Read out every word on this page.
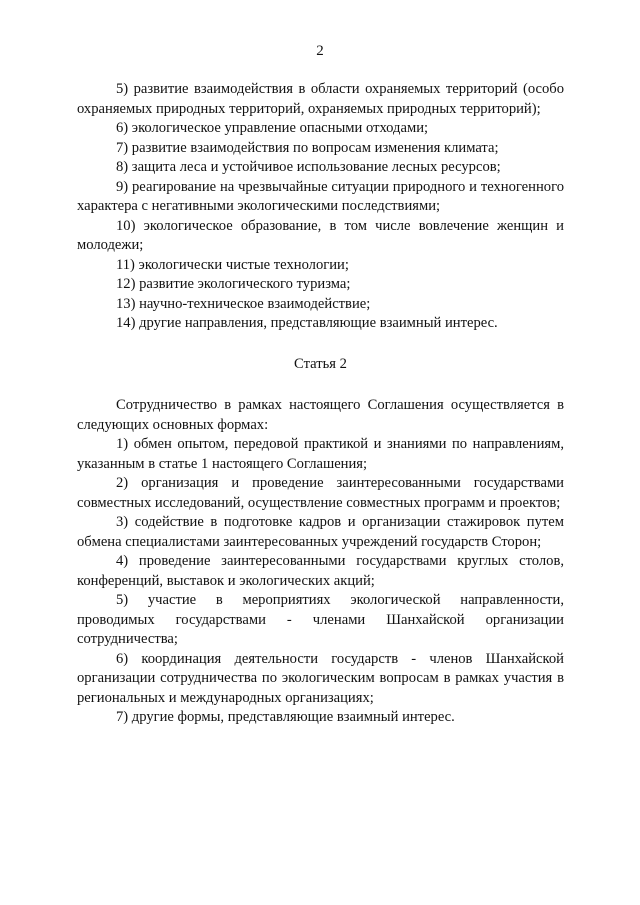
2

5) развитие взаимодействия в области охраняемых территорий (особо охраняемых природных территорий, охраняемых природных территорий);

6) экологическое управление опасными отходами;

7) развитие взаимодействия по вопросам изменения климата;

8) защита леса и устойчивое использование лесных ресурсов;

9) реагирование на чрезвычайные ситуации природного и техногенного характера с негативными экологическими последствиями;

10) экологическое образование, в том числе вовлечение женщин и молодежи;

11) экологически чистые технологии;

12) развитие экологического туризма;

13) научно-техническое взаимодействие;

14) другие направления, представляющие взаимный интерес.

Статья 2

Сотрудничество в рамках настоящего Соглашения осуществляется в следующих основных формах:

1) обмен опытом, передовой практикой и знаниями по направлениям, указанным в статье 1 настоящего Соглашения;

2) организация и проведение заинтересованными государствами совместных исследований, осуществление совместных программ и проектов;

3) содействие в подготовке кадров и организации стажировок путем обмена специалистами заинтересованных учреждений государств Сторон;

4) проведение заинтересованными государствами круглых столов, конференций, выставок и экологических акций;

5) участие в мероприятиях экологической направленности, проводимых государствами - членами Шанхайской организации сотрудничества;

6) координация деятельности государств - членов Шанхайской организации сотрудничества по экологическим вопросам в рамках участия в региональных и международных организациях;

7) другие формы, представляющие взаимный интерес.
